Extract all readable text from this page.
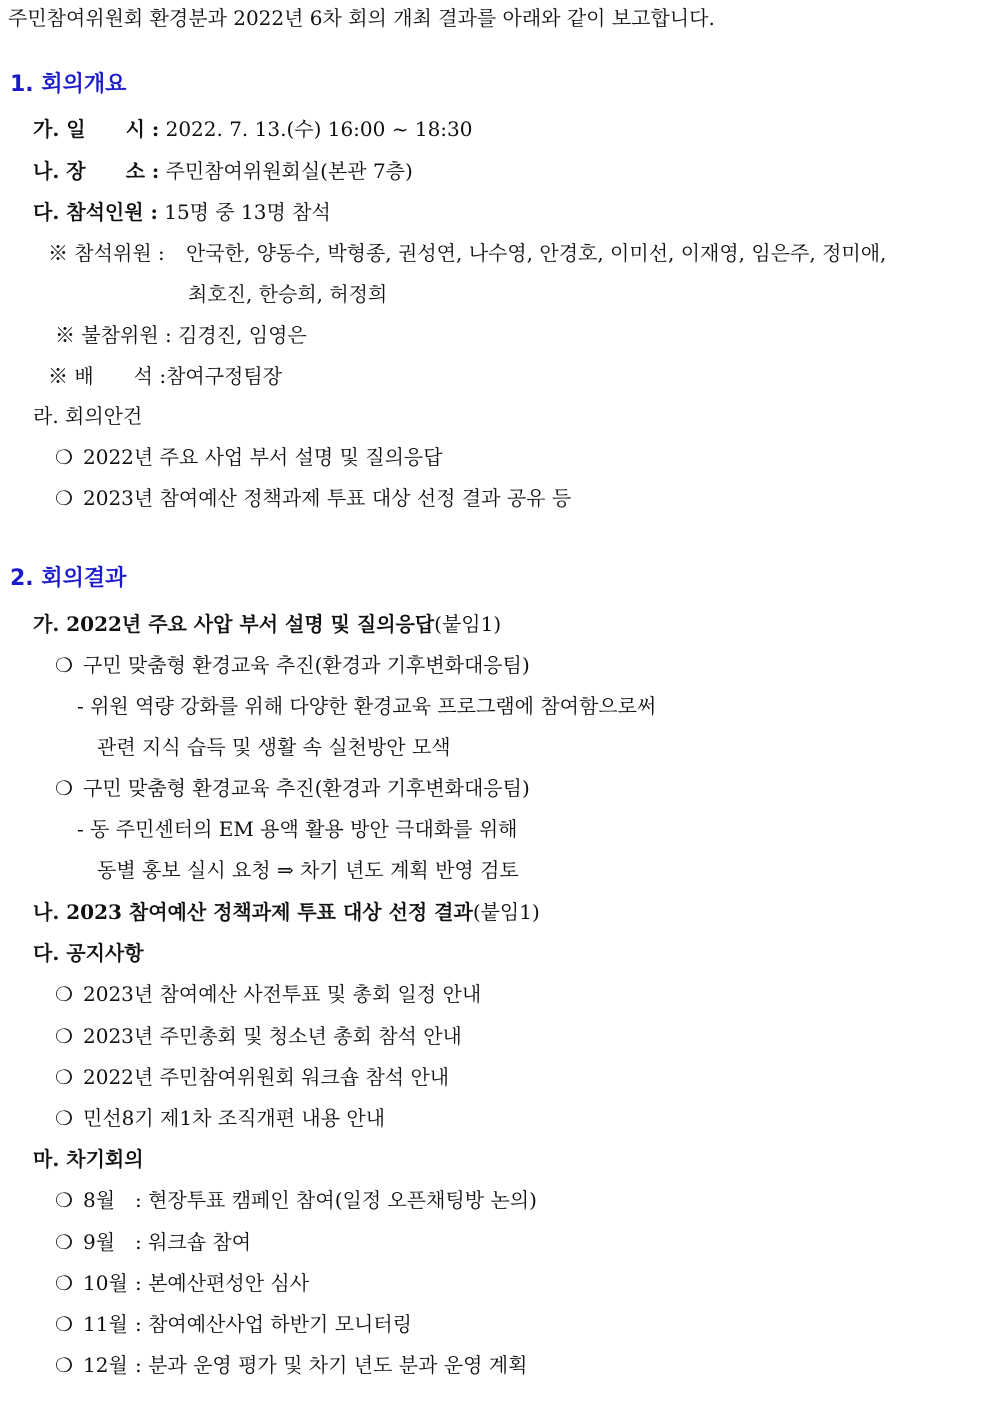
주민참여위원회 환경분과 2022년 6차 회의 개최 결과를 아래와 같이 보고합니다.
1. 회의개요
가. 일　　시 : 2022. 7. 13.(수) 16:00 ~ 18:30
나. 장　　소 : 주민참여위원회실(본관 7층)
다. 참석인원 : 15명 중 13명 참석
※ 참석위원 : 안국한, 양동수, 박형종, 권성연, 나수영, 안경호, 이미선, 이재영, 임은주, 정미애,
최호진, 한승희, 허정희
※ 불참위원 : 김경진, 임영은
※ 배　　석 :참여구정팀장
라. 회의안건
❍ 2022년 주요 사업 부서 설명 및 질의응답
❍ 2023년 참여예산 정책과제 투표 대상 선정 결과 공유 등
2. 회의결과
가. 2022년 주요 사압 부서 설명 및 질의응답(붙임1)
❍ 구민 맞춤형 환경교육 추진(환경과 기후변화대응팀)
- 위원 역량 강화를 위해 다양한 환경교육 프로그램에 참여함으로써
관련 지식 습득 및 생활 속 실천방안 모색
❍ 구민 맞춤형 환경교육 추진(환경과 기후변화대응팀)
- 동 주민센터의 EM 용액 활용 방안 극대화를 위해
동별 홍보 실시 요청 ⇒ 차기 년도 계획 반영 검토
나. 2023 참여예산 정책과제 투표 대상 선정 결과(붙임1)
다. 공지사항
❍ 2023년 참여예산 사전투표 및 총회 일정 안내
❍ 2023년 주민총회 및 청소년 총회 참석 안내
❍ 2022년 주민참여위원회 워크숍 참석 안내
❍ 민선8기 제1차 조직개편 내용 안내
마. 차기회의
❍ 8월　: 현장투표 캠페인 참여(일정 오픈채팅방 논의)
❍ 9월　: 워크숍 참여
❍ 10월 : 본예산편성안 심사
❍ 11월 : 참여예산사업 하반기 모니터링
❍ 12월 : 분과 운영 평가 및 차기 년도 분과 운영 계획
